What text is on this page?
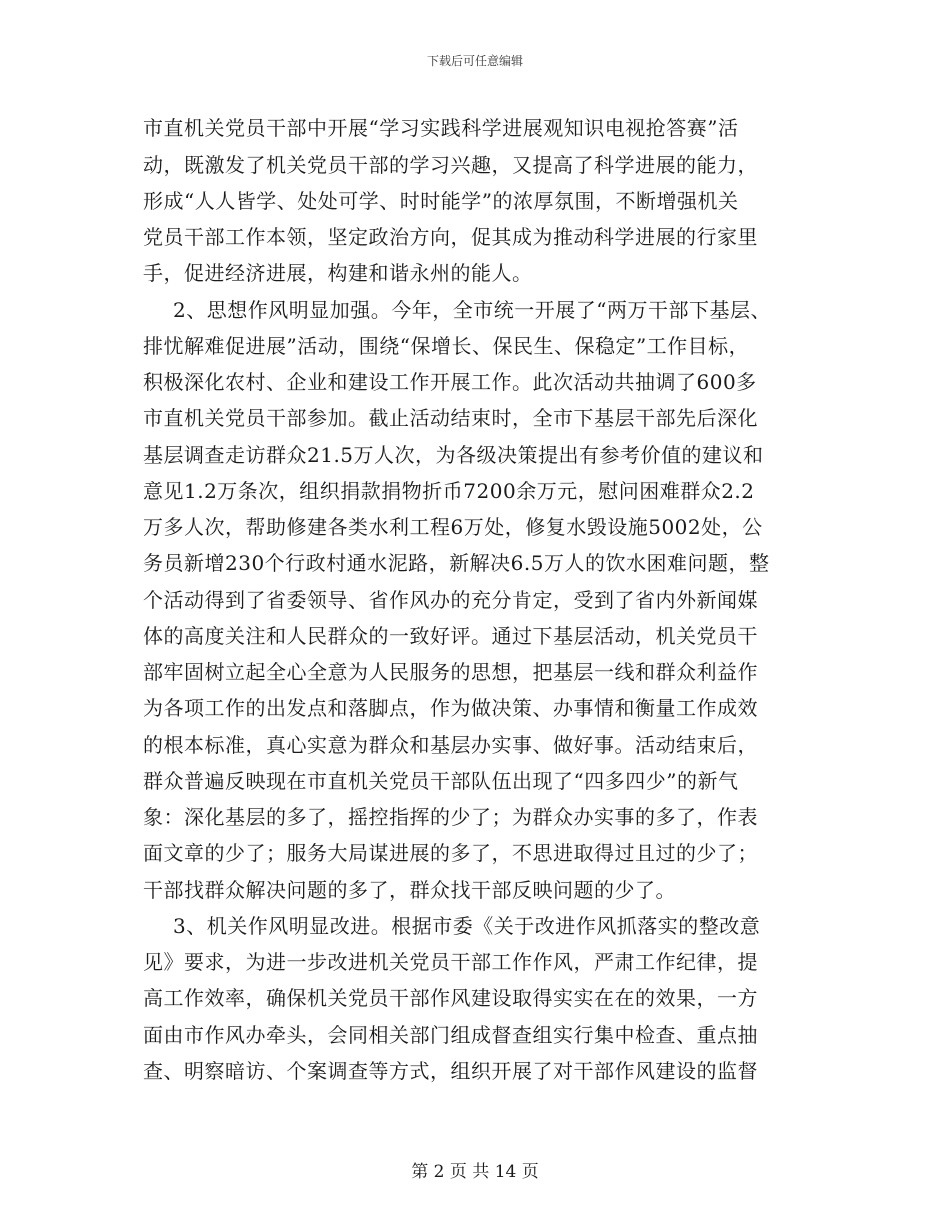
下载后可任意编辑
市直机关党员干部中开展“学习实践科学进展观知识电视抢答赛”活
动，既激发了机关党员干部的学习兴趣，又提高了科学进展的能力，
形成“人人皆学、处处可学、时时能学”的浓厚氛围，不断增强机关
党员干部工作本领，坚定政治方向，促其成为推动科学进展的行家里
手，促进经济进展，构建和谐永州的能人。
2、思想作风明显加强。今年，全市统一开展了“两万干部下基层、
排忧解难促进展”活动，围绕“保增长、保民生、保稳定”工作目标，
积极深化农村、企业和建设工作开展工作。此次活动共抽调了600多
市直机关党员干部参加。截止活动结束时，全市下基层干部先后深化
基层调查走访群众21.5万人次，为各级决策提出有参考价值的建议和
意见1.2万条次，组织捐款捐物折币7200余万元，慰问困难群众2.2
万多人次，帮助修建各类水利工程6万处，修复水毁设施5002处，公
务员新增230个行政村通水泥路，新解决6.5万人的饮水困难问题，整
个活动得到了省委领导、省作风办的充分肯定，受到了省内外新闻媒
体的高度关注和人民群众的一致好评。通过下基层活动，机关党员干
部牢固树立起全心全意为人民服务的思想，把基层一线和群众利益作
为各项工作的出发点和落脚点，作为做决策、办事情和衡量工作成效
的根本标准，真心实意为群众和基层办实事、做好事。活动结束后，
群众普遍反映现在市直机关党员干部队伍出现了“四多四少”的新气
象：深化基层的多了，摇控指挥的少了；为群众办实事的多了，作表
面文章的少了；服务大局谋进展的多了，不思进取得过且过的少了；
干部找群众解决问题的多了，群众找干部反映问题的少了。
3、机关作风明显改进。根据市委《关于改进作风抓落实的整改意
见》要求，为进一步改进机关党员干部工作作风，严肃工作纪律，提
高工作效率，确保机关党员干部作风建设取得实实在在的效果，一方
面由市作风办牵头，会同相关部门组成督查组实行集中检查、重点抽
查、明察暗访、个案调查等方式，组织开展了对干部作风建设的监督
第 2 页 共 14 页
